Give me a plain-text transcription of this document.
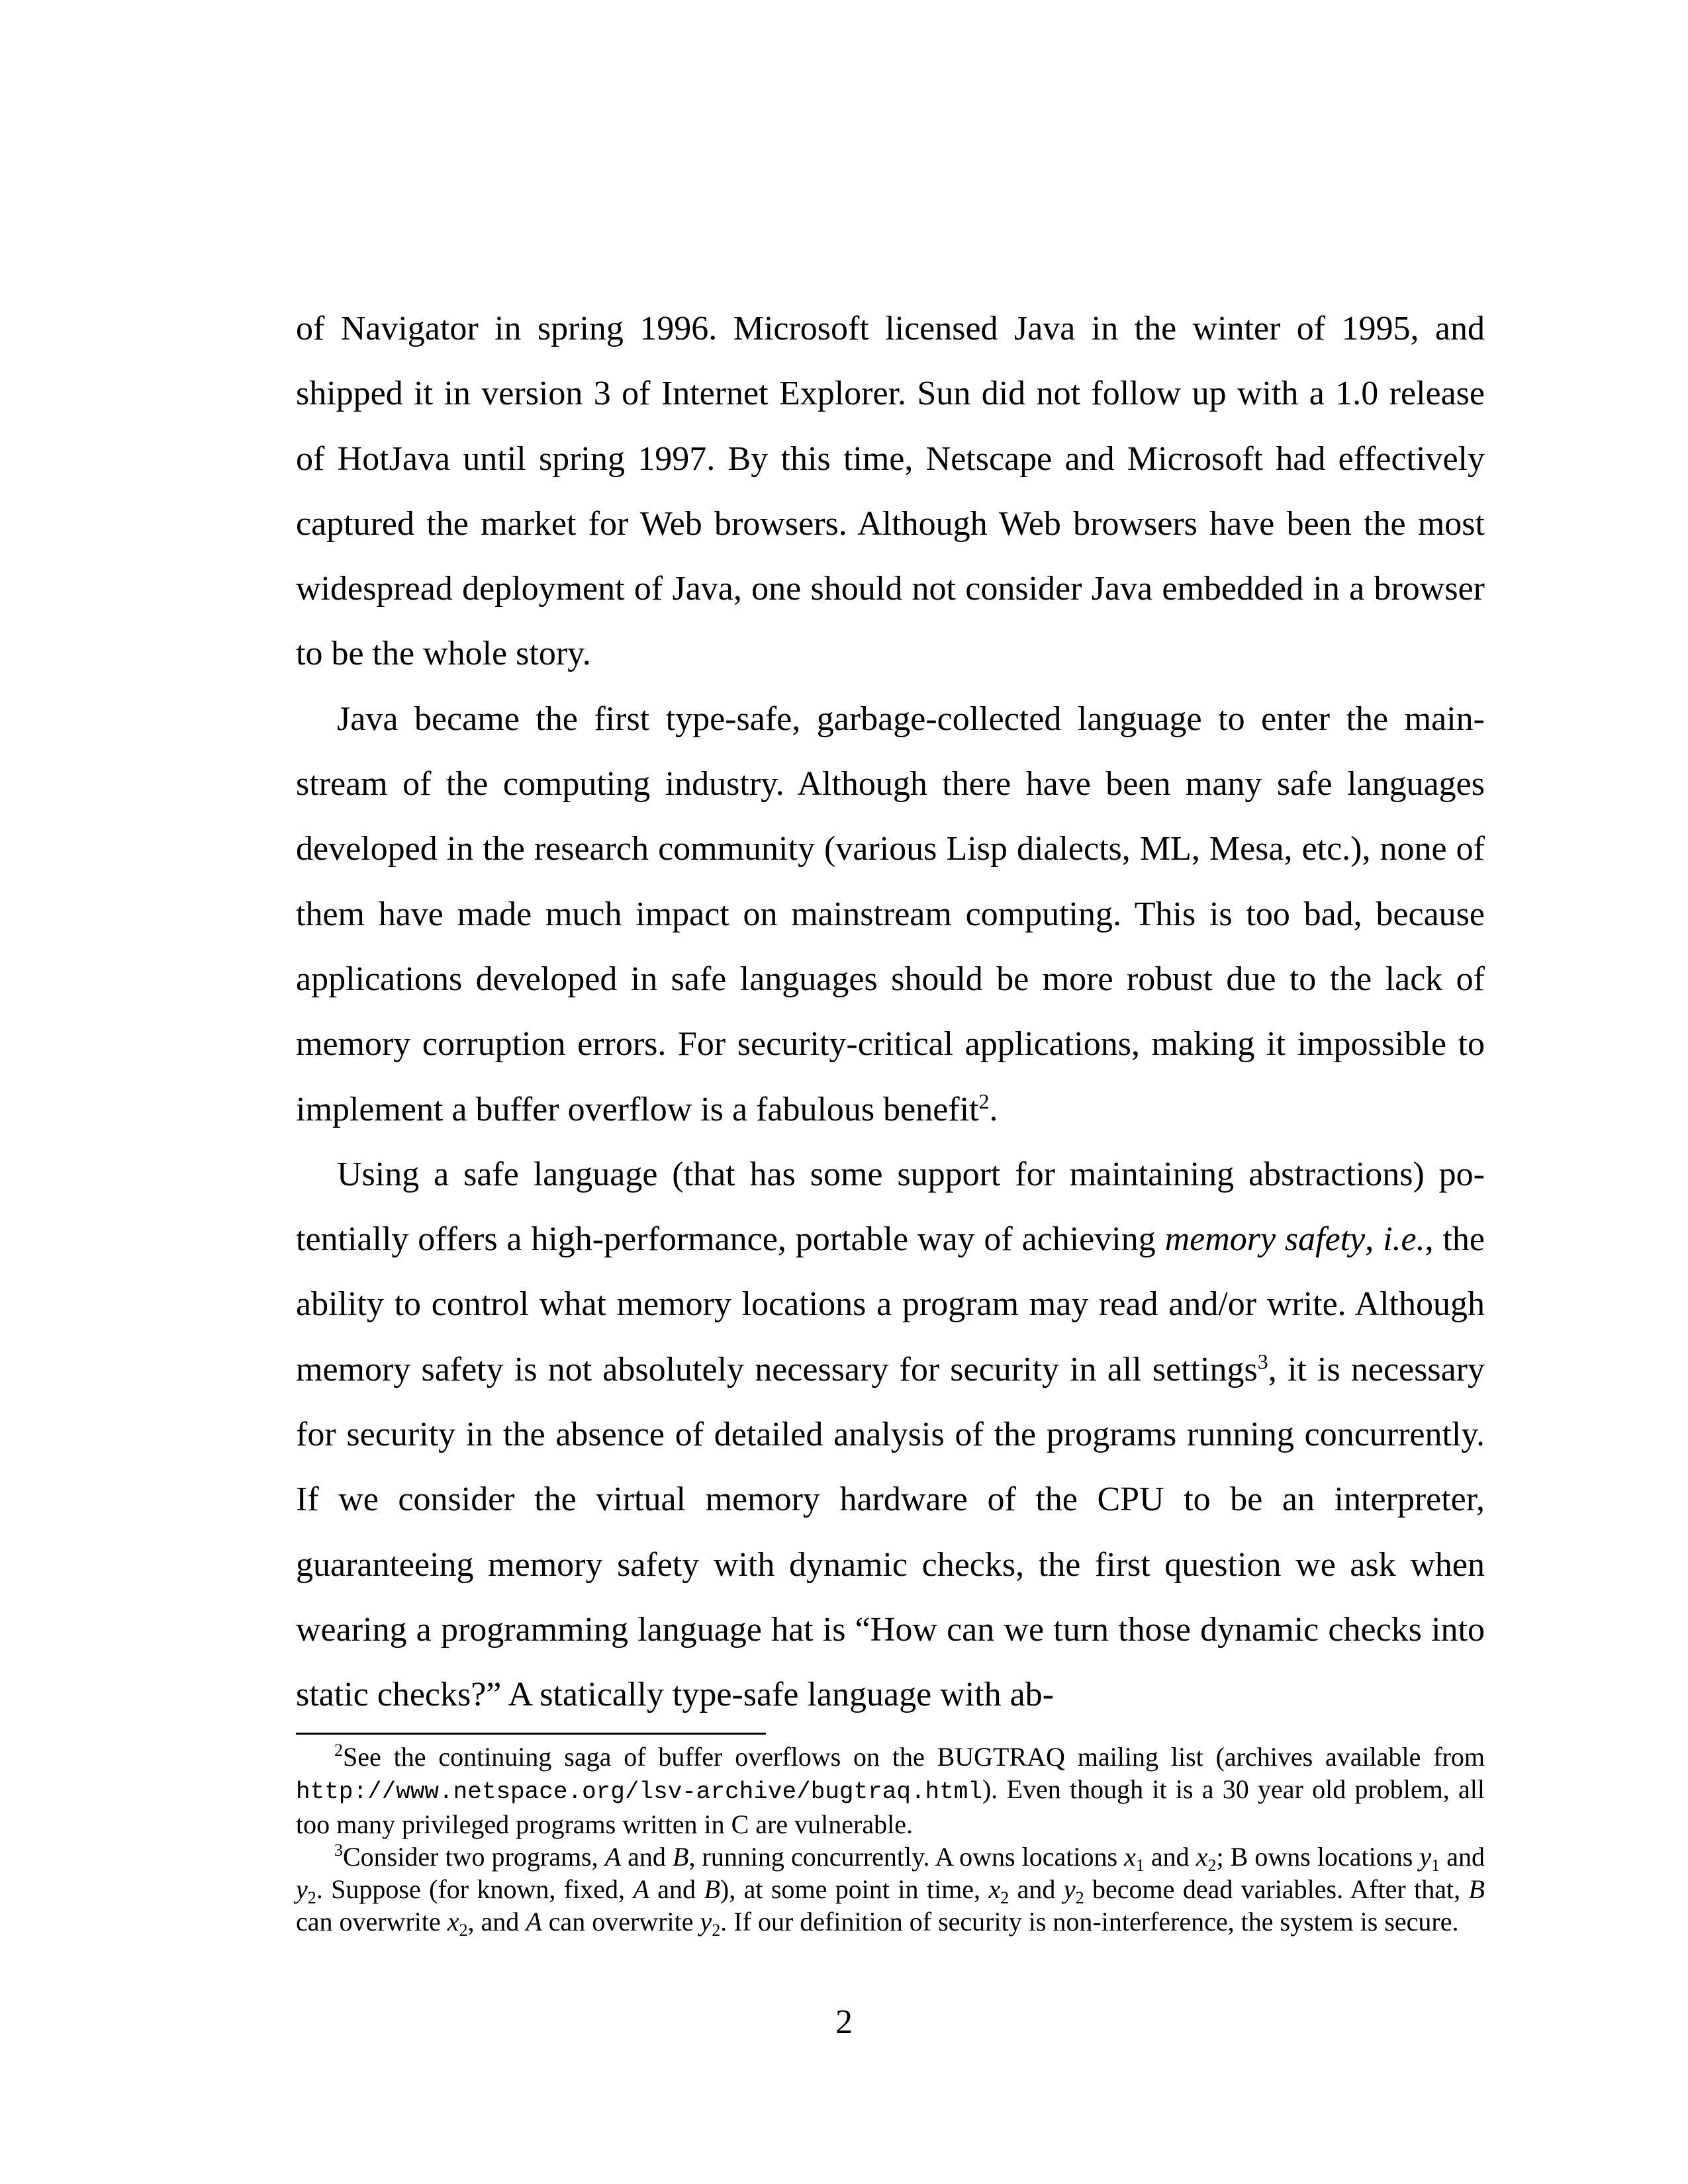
of Navigator in spring 1996. Microsoft licensed Java in the winter of 1995, and shipped it in version 3 of Internet Explorer. Sun did not follow up with a 1.0 release of HotJava until spring 1997. By this time, Netscape and Microsoft had effectively captured the market for Web browsers. Although Web browsers have been the most widespread deployment of Java, one should not consider Java embedded in a browser to be the whole story.

Java became the first type-safe, garbage-collected language to enter the mainstream of the computing industry. Although there have been many safe languages developed in the research community (various Lisp dialects, ML, Mesa, etc.), none of them have made much impact on mainstream computing. This is too bad, because applications developed in safe languages should be more robust due to the lack of memory corruption errors. For security-critical applications, making it impossible to implement a buffer overflow is a fabulous benefit$^2$.

Using a safe language (that has some support for maintaining abstractions) potentially offers a high-performance, portable way of achieving memory safety, i.e., the ability to control what memory locations a program may read and/or write. Although memory safety is not absolutely necessary for security in all settings$^3$, it is necessary for security in the absence of detailed analysis of the programs running concurrently. If we consider the virtual memory hardware of the CPU to be an interpreter, guaranteeing memory safety with dynamic checks, the first question we ask when wearing a programming language hat is “How can we turn those dynamic checks into static checks?” A statically type-safe language with ab-

$^2$See the continuing saga of buffer overflows on the BUGTRAQ mailing list (archives available from http://www.netspace.org/lsv-archive/bugtraq.html). Even though it is a 30 year old problem, all too many privileged programs written in C are vulnerable.

$^3$Consider two programs, A and B, running concurrently. A owns locations $x_1$ and $x_2$; B owns locations $y_1$ and $y_2$. Suppose (for known, fixed, A and B), at some point in time, $x_2$ and $y_2$ become dead variables. After that, B can overwrite $x_2$, and A can overwrite $y_2$. If our definition of security is non-interference, the system is secure.

2
